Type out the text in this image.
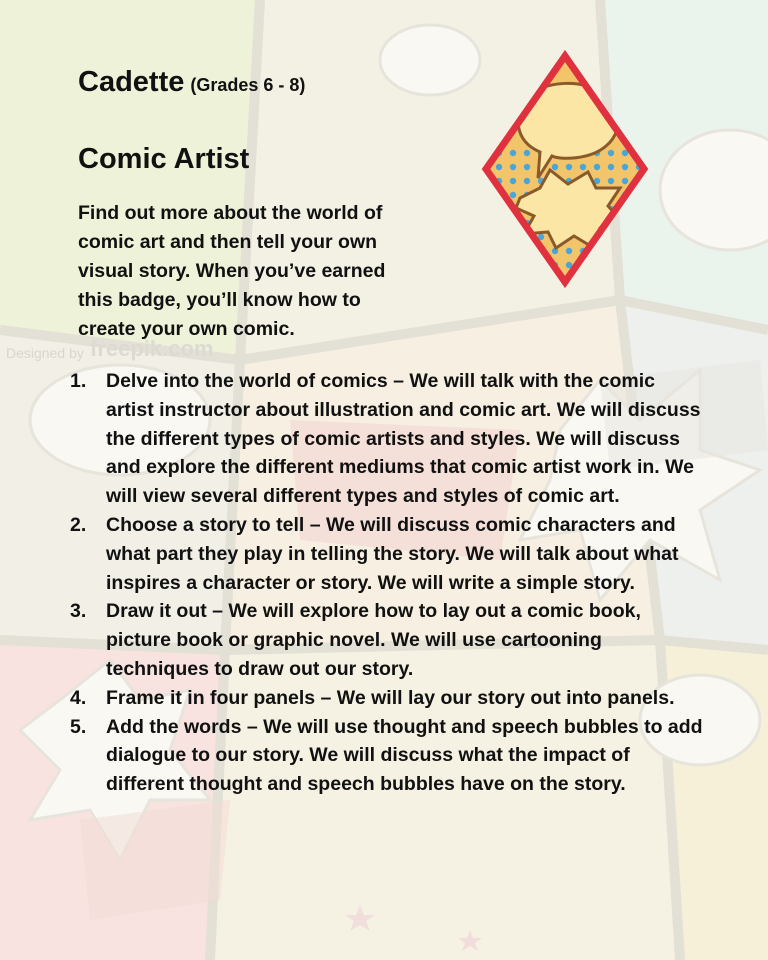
Designed by freepik.com
Cadette (Grades 6 - 8)
Comic Artist
Find out more about the world of comic art and then tell your own visual story. When you’ve earned this badge, you’ll know how to create your own comic.
1. Delve into the world of comics – We will talk with the comic artist instructor about illustration and comic art. We will discuss the different types of comic artists and styles. We will discuss and explore the different mediums that comic artist work in. We will view several different types and styles of comic art.
2. Choose a story to tell – We will discuss comic characters and what part they play in telling the story. We will talk about what inspires a character or story. We will write a simple story.
3. Draw it out – We will explore how to lay out a comic book, picture book or graphic novel. We will use cartooning techniques to draw out our story.
4. Frame it in four panels – We will lay our story out into panels.
5. Add the words – We will use thought and speech bubbles to add dialogue to our story. We will discuss what the impact of different thought and speech bubbles have on the story.
